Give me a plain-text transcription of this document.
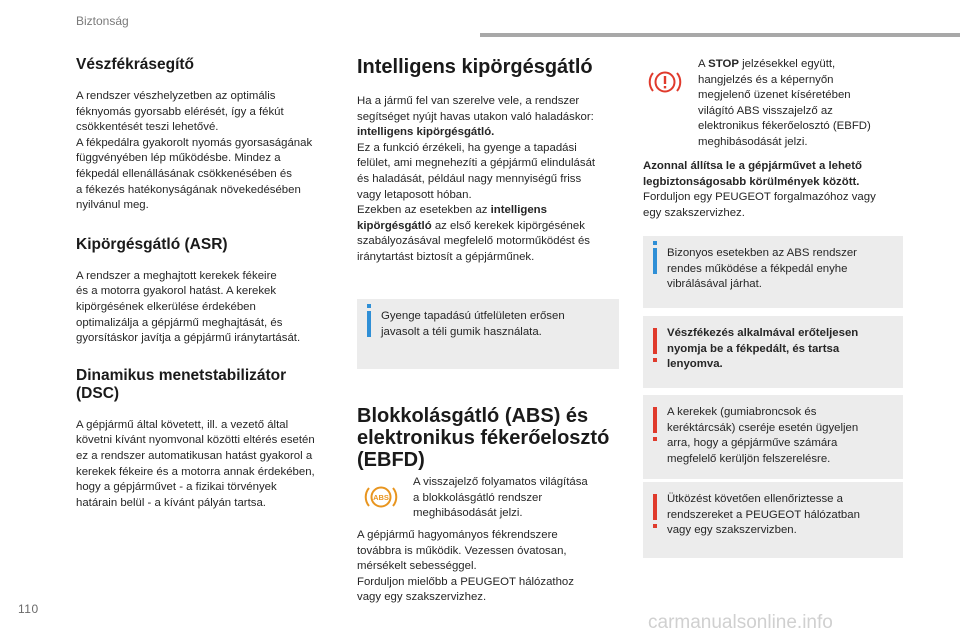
Biztonság
Vészfékrásegítő

A rendszer vészhelyzetben az optimális
féknyomás gyorsabb elérését, így a fékút
csökkentését teszi lehetővé.
A fékpedálra gyakorolt nyomás gyorsaságának
függvényében lép működésbe. Mindez a
fékpedál ellenállásának csökkenésében és
a fékezés hatékonyságának növekedésében
nyilvánul meg.

Kipörgésgátló (ASR)

A rendszer a meghajtott kerekek fékeire
és a motorra gyakorol hatást. A kerekek
kipörgésének elkerülése érdekében
optimalizálja a gépjármű meghajtását, és
gyorsításkor javítja a gépjármű iránytartását.

Dinamikus menetstabilizátor
(DSC)

A gépjármű által követett, ill. a vezető által
követni kívánt nyomvonal közötti eltérés esetén
ez a rendszer automatikusan hatást gyakorol a
kerekek fékeire és a motorra annak érdekében,
hogy a gépjárművet - a fizikai törvények
határain belül - a kívánt pályán tartsa.

Intelligens kipörgésgátló

Ha a jármű fel van szerelve vele, a rendszer
segítséget nyújt havas utakon való haladáskor:
intelligens kipörgésgátló.
Ez a funkció érzékeli, ha gyenge a tapadási
felület, ami megnehezíti a gépjármű elindulását
és haladását, például nagy mennyiségű friss
vagy letaposott hóban.
Ezekben az esetekben az intelligens
kipörgésgátló az első kerekek kipörgésének
szabályozásával megfelelő motorműködést és
iránytartást biztosít a gépjárműnek.

Gyenge tapadású útfelületen erősen
javasolt a téli gumik használata.

Blokkolásgátló (ABS) és
elektronikus fékerőelosztó
(EBFD)
ABS

A visszajelző folyamatos világítása
a blokkolásgátló rendszer
meghibásodását jelzi.

A gépjármű hagyományos fékrendszere
továbbra is működik. Vezessen óvatosan,
mérsékelt sebességgel.
Forduljon mielőbb a PEUGEOT hálózathoz
vagy egy szakszervizhez.

A STOP jelzésekkel együtt,
hangjelzés és a képernyőn
megjelenő üzenet kíséretében
világító ABS visszajelző az
elektronikus fékerőelosztó (EBFD)
meghibásodását jelzi.

Azonnal állítsa le a gépjárművet a lehető
legbiztonságosabb körülmények között.
Forduljon egy PEUGEOT forgalmazóhoz vagy
egy szakszervizhez.

Bizonyos esetekben az ABS rendszer
rendes működése a fékpedál enyhe
vibrálásával járhat.

Vészfékezés alkalmával erőteljesen
nyomja be a fékpedált, és tartsa
lenyomva.

A kerekek (gumiabroncsok és
keréktárcsák) cseréje esetén ügyeljen
arra, hogy a gépjárműve számára
megfelelő kerüljön felszerelésre.

Ütközést követően ellenőriztesse a
rendszereket a PEUGEOT hálózatban
vagy egy szakszervizben.

110
carmanualsonline.info
